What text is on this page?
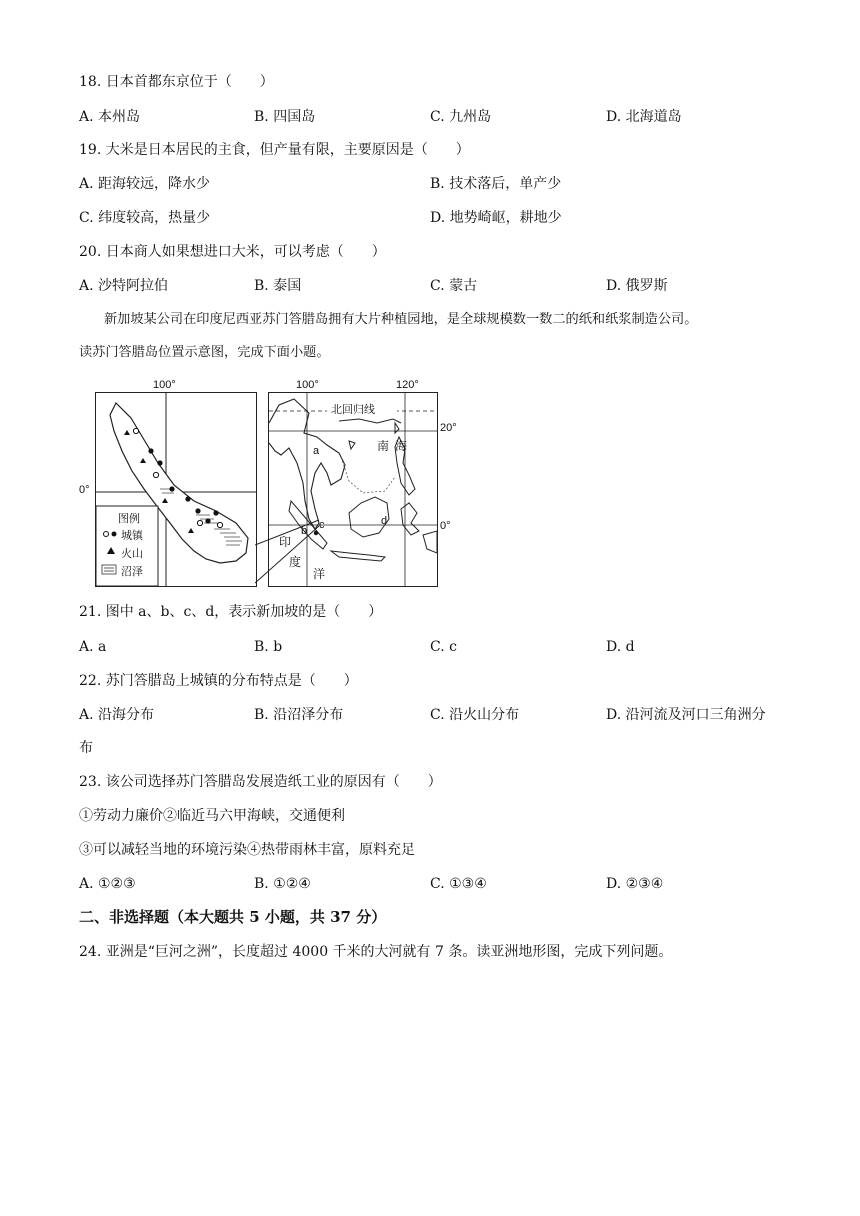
18. 日本首都东京位于（　　）
A. 本州岛	B. 四国岛	C. 九州岛	D. 北海道岛
19. 大米是日本居民的主食，但产量有限，主要原因是（　　）
A. 距海较远，降水少	B. 技术落后，单产少
C. 纬度较高，热量少	D. 地势崎岖，耕地少
20. 日本商人如果想进口大米，可以考虑（　　）
A. 沙特阿拉伯	B. 泰国	C. 蒙古	D. 俄罗斯
新加坡某公司在印度尼西亚苏门答腊岛拥有大片种植园地，是全球规模数一数二的纸和纸浆制造公司。
读苏门答腊岛位置示意图，完成下面小题。
100°
0°
图例
城镇
火山
沼泽
100°	120°
20°
0°
北回归线
南 海
印
度
洋
a
b c	d
21. 图中 a、b、c、d，表示新加坡的是（　　）
A. a	B. b	C. c	D. d
22. 苏门答腊岛上城镇的分布特点是（　　）
A. 沿海分布	B. 沿沼泽分布	C. 沿火山分布	D. 沿河流及河口三角洲分
布
23. 该公司选择苏门答腊岛发展造纸工业的原因有（　　）
①劳动力廉价②临近马六甲海峡，交通便利
③可以减轻当地的环境污染④热带雨林丰富，原料充足
A. ①②③	B. ①②④	C. ①③④	D. ②③④
二、非选择题（本大题共 5 小题，共 37 分）
24. 亚洲是“巨河之洲”，长度超过 4000 千米的大河就有 7 条。读亚洲地形图，完成下列问题。
